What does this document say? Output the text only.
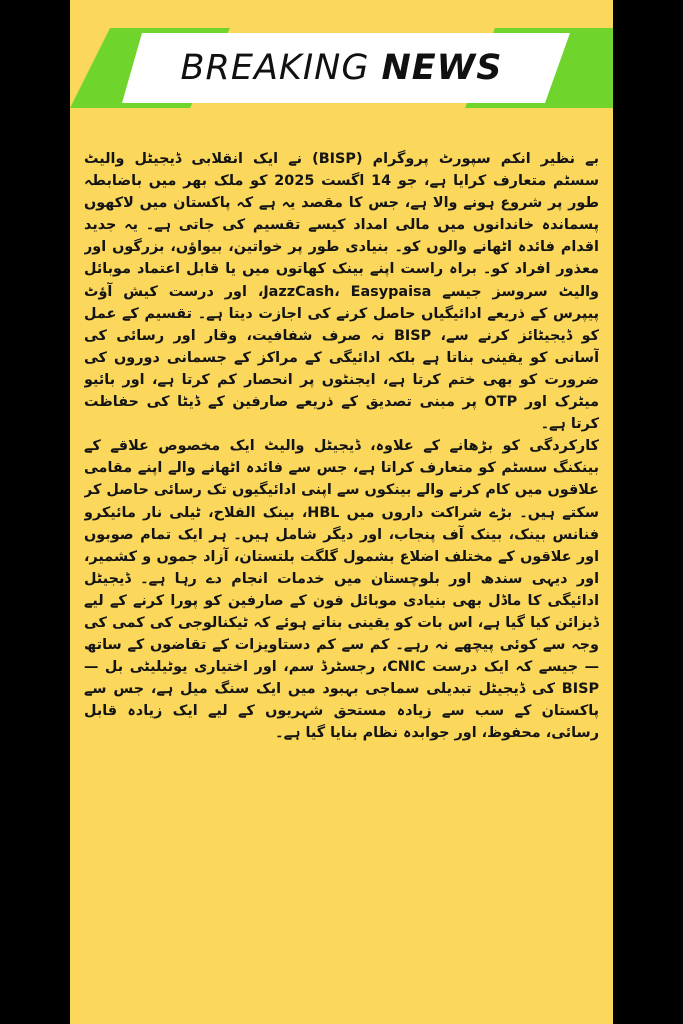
BREAKING NEWS

بے نظیر انکم سپورٹ پروگرام (BISP) نے ایک انقلابی ڈیجیٹل والیٹ سسٹم متعارف کرایا ہے، جو 14 اگست 2025 کو ملک بھر میں باضابطہ طور پر شروع ہونے والا ہے، جس کا مقصد یہ ہے کہ پاکستان میں لاکھوں پسماندہ خاندانوں میں مالی امداد کیسے تقسیم کی جاتی ہے۔ یہ جدید اقدام فائدہ اٹھانے والوں کو۔ بنیادی طور پر خواتین، بیواؤں، بزرگوں اور معذور افراد کو۔ براہ راست اپنے بینک کھاتوں میں یا قابل اعتماد موبائل والیٹ سروسز جیسے JazzCash، Easypaisa، اور درست کیش آؤٹ پیپرس کے ذریعے ادائیگیاں حاصل کرنے کی اجازت دیتا ہے۔ تقسیم کے عمل کو ڈیجیٹائز کرنے سے، BISP نہ صرف شفافیت، وقار اور رسائی کی آسانی کو یقینی بناتا ہے بلکہ ادائیگی کے مراکز کے جسمانی دوروں کی ضرورت کو بھی ختم کرتا ہے، ایجنٹوں پر انحصار کم کرتا ہے، اور بائیو میٹرک اور OTP پر مبنی تصدیق کے ذریعے صارفین کے ڈیٹا کی حفاظت کرتا ہے۔

کارکردگی کو بڑھانے کے علاوہ، ڈیجیٹل والیٹ ایک مخصوص علاقے کے بینکنگ سسٹم کو متعارف کراتا ہے، جس سے فائدہ اٹھانے والے اپنے مقامی علاقوں میں کام کرنے والے بینکوں سے اپنی ادائیگیوں تک رسائی حاصل کر سکتے ہیں۔ بڑے شراکت داروں میں HBL، بینک الفلاح، ٹیلی نار مائیکرو فنانس بینک، بینک آف پنجاب، اور دیگر شامل ہیں۔ ہر ایک تمام صوبوں اور علاقوں کے مختلف اضلاع بشمول گلگت بلتستان، آزاد جموں و کشمیر، اور دیہی سندھ اور بلوچستان میں خدمات انجام دے رہا ہے۔ ڈیجیٹل ادائیگی کا ماڈل بھی بنیادی موبائل فون کے صارفین کو پورا کرنے کے لیے ڈیزائن کیا گیا ہے، اس بات کو یقینی بناتے ہوئے کہ ٹیکنالوجی کی کمی کی وجہ سے کوئی پیچھے نہ رہے۔ کم سے کم دستاویزات کے تقاضوں کے ساتھ — جیسے کہ ایک درست CNIC، رجسٹرڈ سم، اور اختیاری یوٹیلیٹی بل — BISP کی ڈیجیٹل تبدیلی سماجی بہبود میں ایک سنگ میل ہے، جس سے پاکستان کے سب سے زیادہ مستحق شہریوں کے لیے ایک زیادہ قابل رسائی، محفوظ، اور جوابدہ نظام بنایا گیا ہے۔
